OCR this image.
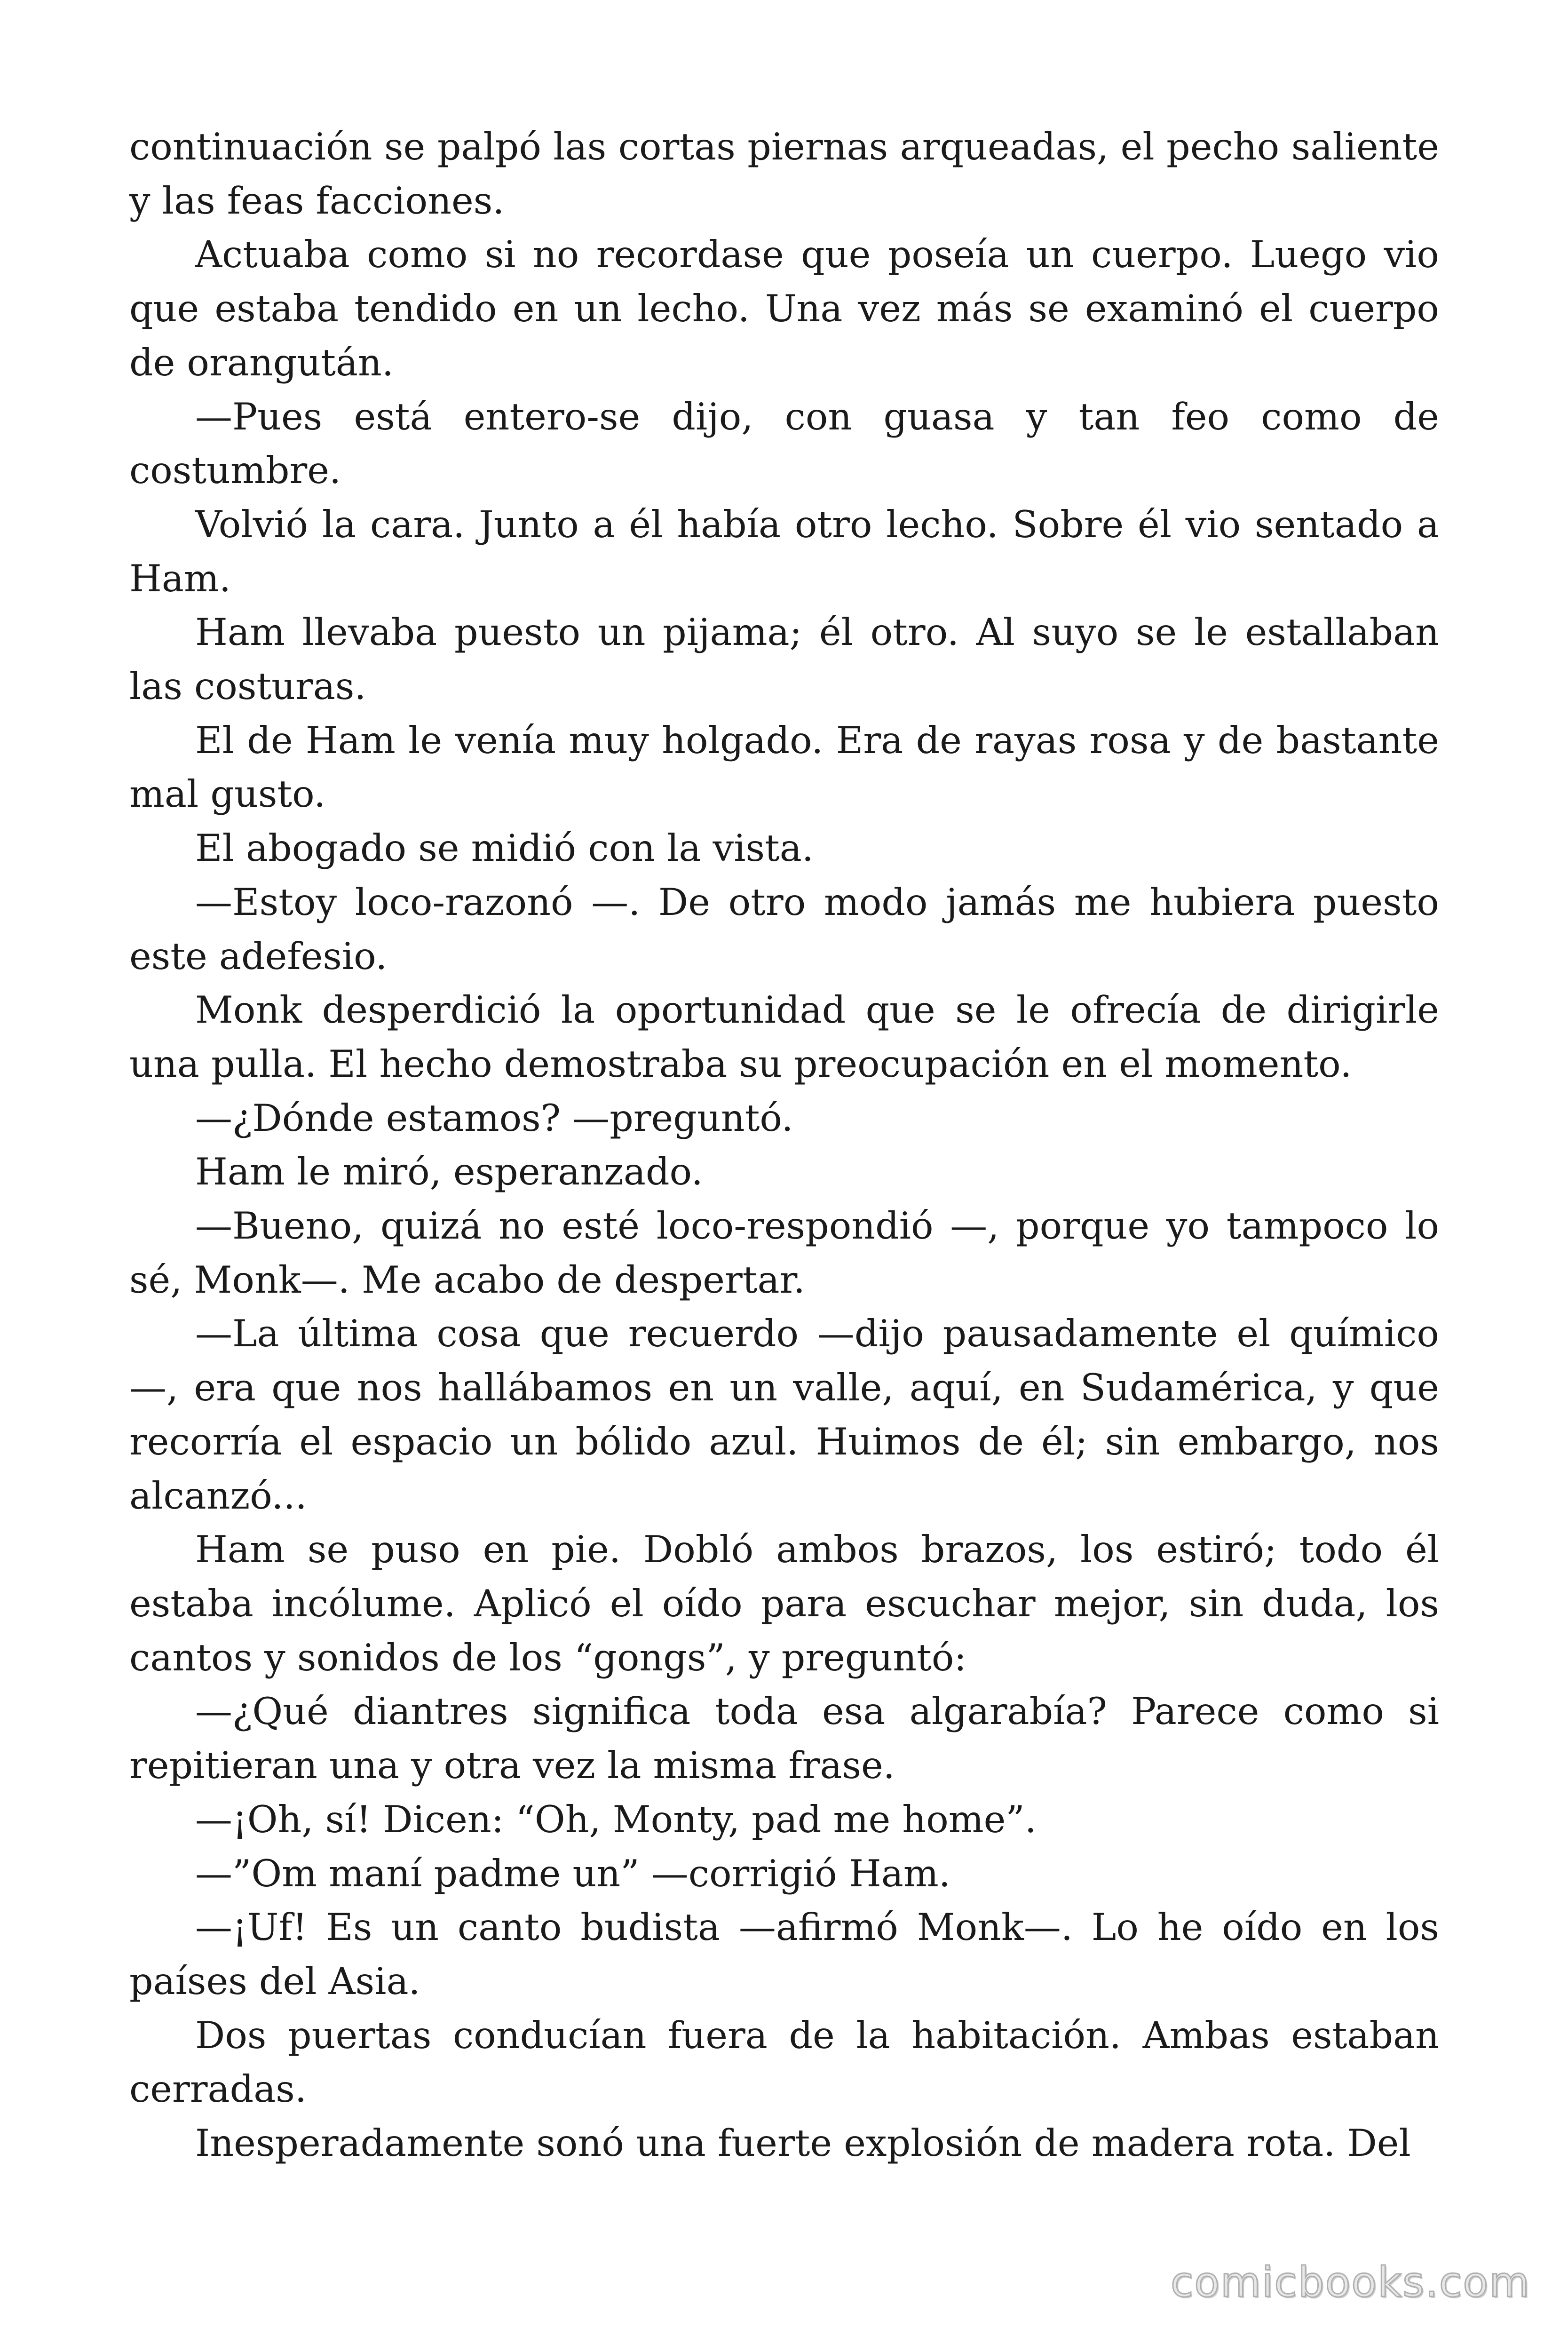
continuación se palpó las cortas piernas arqueadas, el pecho saliente y las feas facciones.

Actuaba como si no recordase que poseía un cuerpo. Luego vio que estaba tendido en un lecho. Una vez más se examinó el cuerpo de orangután.

—Pues está entero-se dijo, con guasa y tan feo como de costumbre.

Volvió la cara. Junto a él había otro lecho. Sobre él vio sentado a Ham.

Ham llevaba puesto un pijama; él otro. Al suyo se le estallaban las costuras.

El de Ham le venía muy holgado. Era de rayas rosa y de bastante mal gusto.

El abogado se midió con la vista.

—Estoy loco-razonó —. De otro modo jamás me hubiera puesto este adefesio.

Monk desperdició la oportunidad que se le ofrecía de dirigirle una pulla. El hecho demostraba su preocupación en el momento.

—¿Dónde estamos? —preguntó.

Ham le miró, esperanzado.

—Bueno, quizá no esté loco-respondió —, porque yo tampoco lo sé, Monk—. Me acabo de despertar.

—La última cosa que recuerdo —dijo pausadamente el químico —, era que nos hallábamos en un valle, aquí, en Sudamérica, y que recorría el espacio un bólido azul. Huimos de él; sin embargo, nos alcanzó...

Ham se puso en pie. Dobló ambos brazos, los estiró; todo él estaba incólume. Aplicó el oído para escuchar mejor, sin duda, los cantos y sonidos de los “gongs”, y preguntó:

—¿Qué diantres significa toda esa algarabía? Parece como si repitieran una y otra vez la misma frase.

—¡Oh, sí! Dicen: “Oh, Monty, pad me home”.

—”Om maní padme un” —corrigió Ham.

—¡Uf! Es un canto budista —afirmó Monk—. Lo he oído en los países del Asia.

Dos puertas conducían fuera de la habitación. Ambas estaban cerradas.

Inesperadamente sonó una fuerte explosión de madera rota. Del

comicbooks.com
